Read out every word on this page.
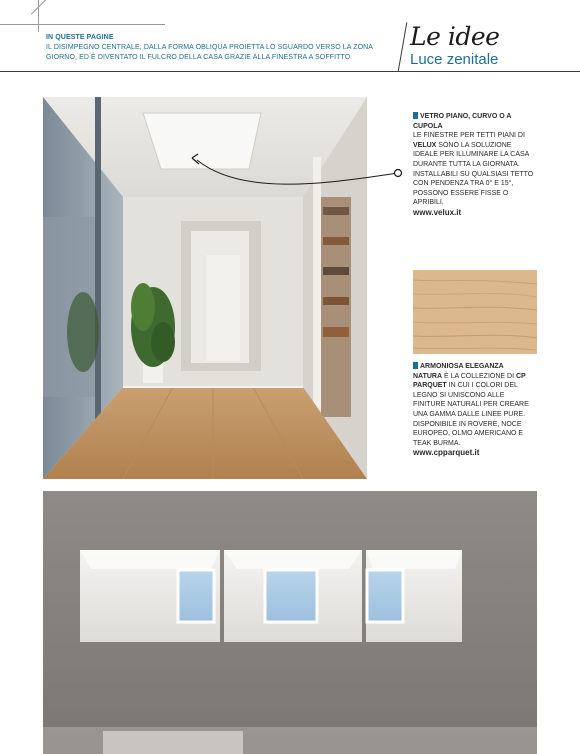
IN QUESTE PAGINE
IL DISIMPEGNO CENTRALE, DALLA FORMA OBLIQUA PROIETTA LO SGUARDO VERSO LA ZONA GIORNO, ED È DIVENTATO IL FULCRO DELLA CASA GRAZIE ALLA FINESTRA A SOFFITTO
Le idee
Luce zenitale
VETRO PIANO, CURVO O A CUPOLA
LE FINESTRE PER TETTI PIANI DI VELUX SONO LA SOLUZIONE IDEALE PER ILLUMINARE LA CASA DURANTE TUTTA LA GIORNATA. INSTALLABILI SU QUALSIASI TETTO CON PENDENZA TRA 0° E 15°, POSSONO ESSERE FISSE O APRIBILI.
www.velux.it
ARMONIOSA ELEGANZA
NATURA È LA COLLEZIONE DI CP PARQUET IN CUI I COLORI DEL LEGNO SI UNISCONO ALLE FINITURE NATURALI PER CREARE UNA GAMMA DALLE LINEE PURE. DISPONIBILE IN ROVERE, NOCE EUROPEO, OLMO AMERICANO E TEAK BURMA.
www.cpparquet.it
